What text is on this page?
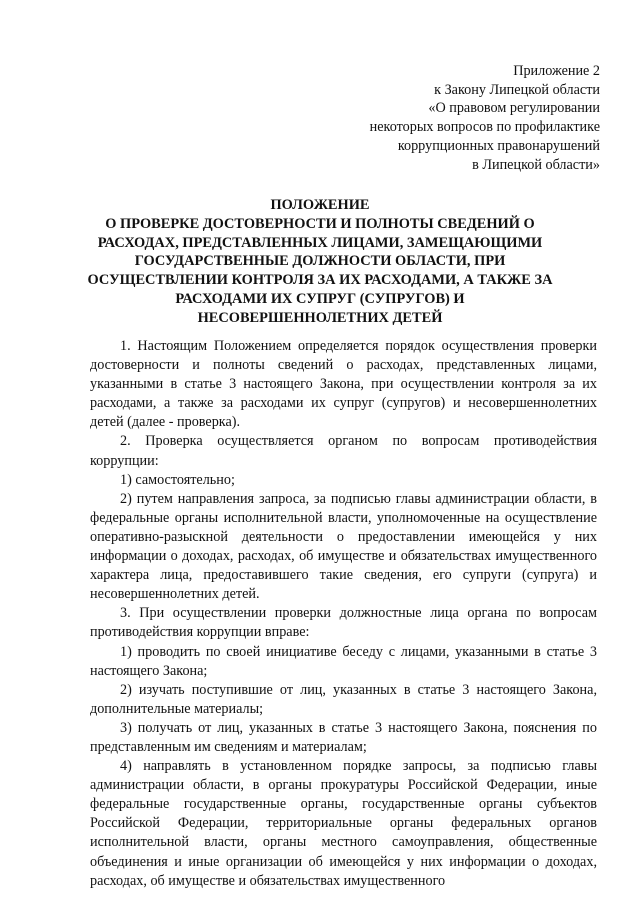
Приложение 2
к Закону Липецкой области
«О правовом регулировании
некоторых вопросов по профилактике
коррупционных правонарушений
в Липецкой области»
ПОЛОЖЕНИЕ
О ПРОВЕРКЕ ДОСТОВЕРНОСТИ И ПОЛНОТЫ СВЕДЕНИЙ О
РАСХОДАХ, ПРЕДСТАВЛЕННЫХ ЛИЦАМИ, ЗАМЕЩАЮЩИМИ
ГОСУДАРСТВЕННЫЕ ДОЛЖНОСТИ ОБЛАСТИ, ПРИ
ОСУЩЕСТВЛЕНИИ КОНТРОЛЯ ЗА ИХ РАСХОДАМИ, А ТАКЖЕ ЗА
РАСХОДАМИ ИХ СУПРУГ (СУПРУГОВ) И
НЕСОВЕРШЕННОЛЕТНИХ ДЕТЕЙ

1. Настоящим Положением определяется порядок осуществления проверки достоверности и полноты сведений о расходах, представленных лицами, указанными в статье 3 настоящего Закона, при осуществлении контроля за их расходами, а также за расходами их супруг (супругов) и несовершеннолетних детей (далее - проверка).

2. Проверка осуществляется органом по вопросам противодействия коррупции:

1) самостоятельно;

2) путем направления запроса, за подписью главы администрации области, в федеральные органы исполнительной власти, уполномоченные на осуществление оперативно-разыскной деятельности о предоставлении имеющейся у них информации о доходах, расходах, об имуществе и обязательствах имущественного характера лица, предоставившего такие сведения, его супруги (супруга) и несовершеннолетних детей.

3. При осуществлении проверки должностные лица органа по вопросам противодействия коррупции вправе:

1) проводить по своей инициативе беседу с лицами, указанными в статье 3 настоящего Закона;

2) изучать поступившие от лиц, указанных в статье 3 настоящего Закона, дополнительные материалы;

3) получать от лиц, указанных в статье 3 настоящего Закона, пояснения по представленным им сведениям и материалам;

4) направлять в установленном порядке запросы, за подписью главы администрации области, в органы прокуратуры Российской Федерации, иные федеральные государственные органы, государственные органы субъектов Российской Федерации, территориальные органы федеральных органов исполнительной власти, органы местного самоуправления, общественные объединения и иные организации об имеющейся у них информации о доходах, расходах, об имуществе и обязательствах имущественного
